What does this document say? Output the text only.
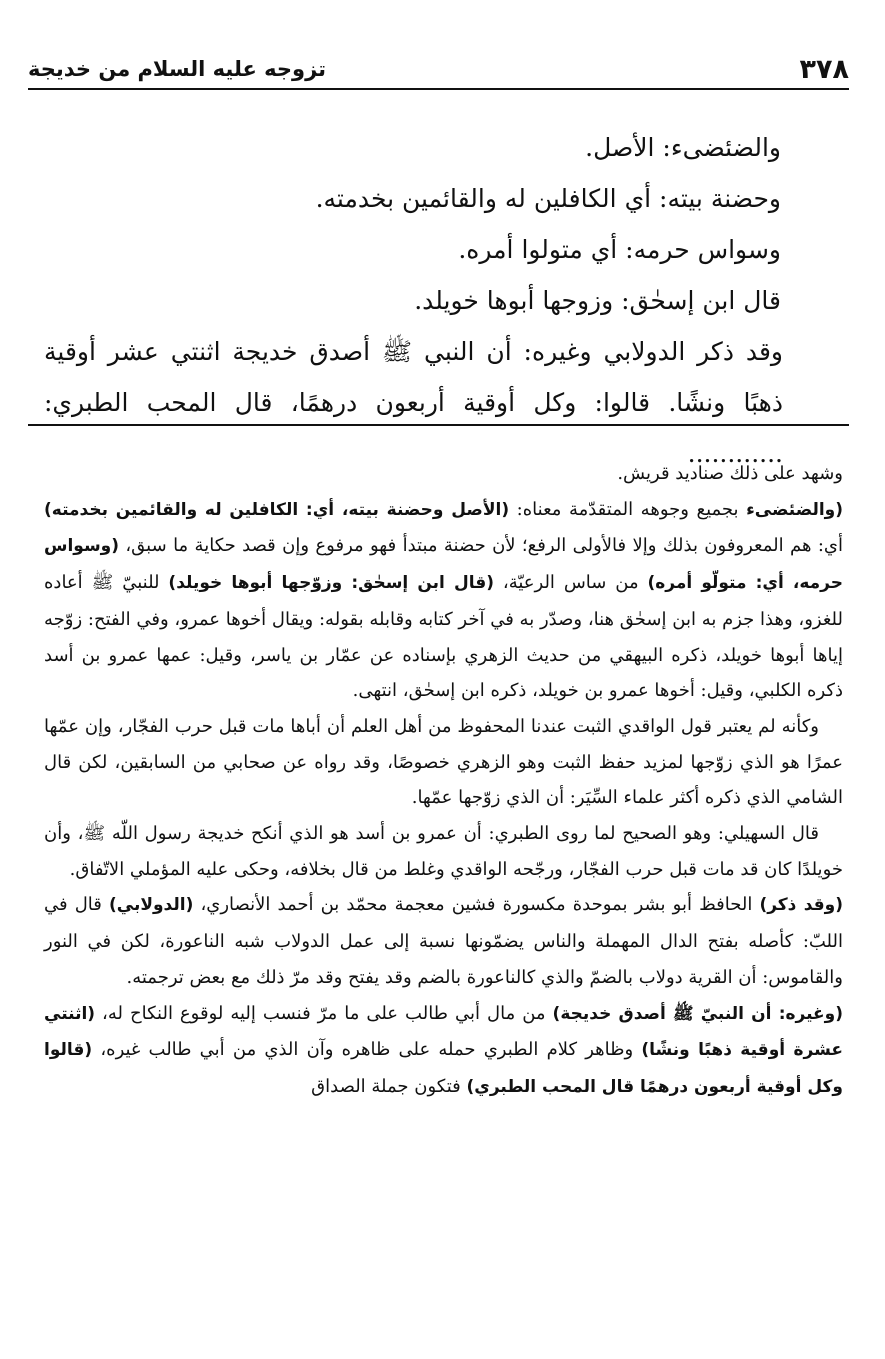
٣٧٨
تزوجه عليه السلام من خديجة

والضئضىء: الأصل.

وحضنة بيته: أي الكافلين له والقائمين بخدمته.

وسواس حرمه: أي متولوا أمره.

قال ابن إسحٰق: وزوجها أبوها خويلد.

وقد ذكر الدولابي وغيره: أن النبي ﷺ أصدق خديجة اثنتي عشر أوقية ذهبًا ونشًا. قالوا: وكل أوقية أربعون درهمًا، قال المحب الطبري: ............

وشهد على ذلك صناديد قريش.

(والضئضىء بجميع وجوهه المتقدّمة معناه: (الأصل وحضنة بيته، أي: الكافلين له والقائمين بخدمته) أي: هم المعروفون بذلك وإلا فالأولى الرفع؛ لأن حضنة مبتدأ فهو مرفوع وإن قصد حكاية ما سبق، (وسواس حرمه، أي: متولّو أمره) من ساس الرعيّة، (قال ابن إسحٰق: وزوّجها أبوها خويلد) للنبيّ ﷺ أعاده للغزو، وهذا جزم به ابن إسحٰق هنا، وصدّر به في آخر كتابه وقابله بقوله: ويقال أخوها عمرو، وفي الفتح: زوّجه إياها أبوها خويلد، ذكره البيهقي من حديث الزهري بإسناده عن عمّار بن ياسر، وقيل: عمها عمرو بن أسد ذكره الكلبي، وقيل: أخوها عمرو بن خويلد، ذكره ابن إسحٰق، انتهى.

وكأنه لم يعتبر قول الواقدي الثبت عندنا المحفوظ من أهل العلم أن أباها مات قبل حرب الفجّار، وإن عمّها عمرًا هو الذي زوّجها لمزيد حفظ الثبت وهو الزهري خصوصًا، وقد رواه عن صحابي من السابقين، لكن قال الشامي الذي ذكره أكثر علماء السِّيَر: أن الذي زوّجها عمّها.

قال السهيلي: وهو الصحيح لما روى الطبري: أن عمرو بن أسد هو الذي أنكح خديجة رسول اللّه ﷺ، وأن خويلدًا كان قد مات قبل حرب الفجّار، ورجّحه الواقدي وغلط من قال بخلافه، وحكى عليه المؤملي الاتّفاق.

(وقد ذكر) الحافظ أبو بشر بموحدة مكسورة فشين معجمة محمّد بن أحمد الأنصاري، (الدولابي) قال في اللبّ: كأصله بفتح الدال المهملة والناس يضمّونها نسبة إلى عمل الدولاب شبه الناعورة، لكن في النور والقاموس: أن القرية دولاب بالضمّ والذي كالناعورة بالضم وقد يفتح وقد مرّ ذلك مع بعض ترجمته.

(وغيره: أن النبيّ ﷺ أصدق خديجة) من مال أبي طالب على ما مرّ فنسب إليه لوقوع النكاح له، (اثنتي عشرة أوقية ذهبًا ونشًا) وظاهر كلام الطبري حمله على ظاهره وآن الذي من أبي طالب غيره، (قالوا وكل أوقية أربعون درهمًا قال المحب الطبري) فتكون جملة الصداق
